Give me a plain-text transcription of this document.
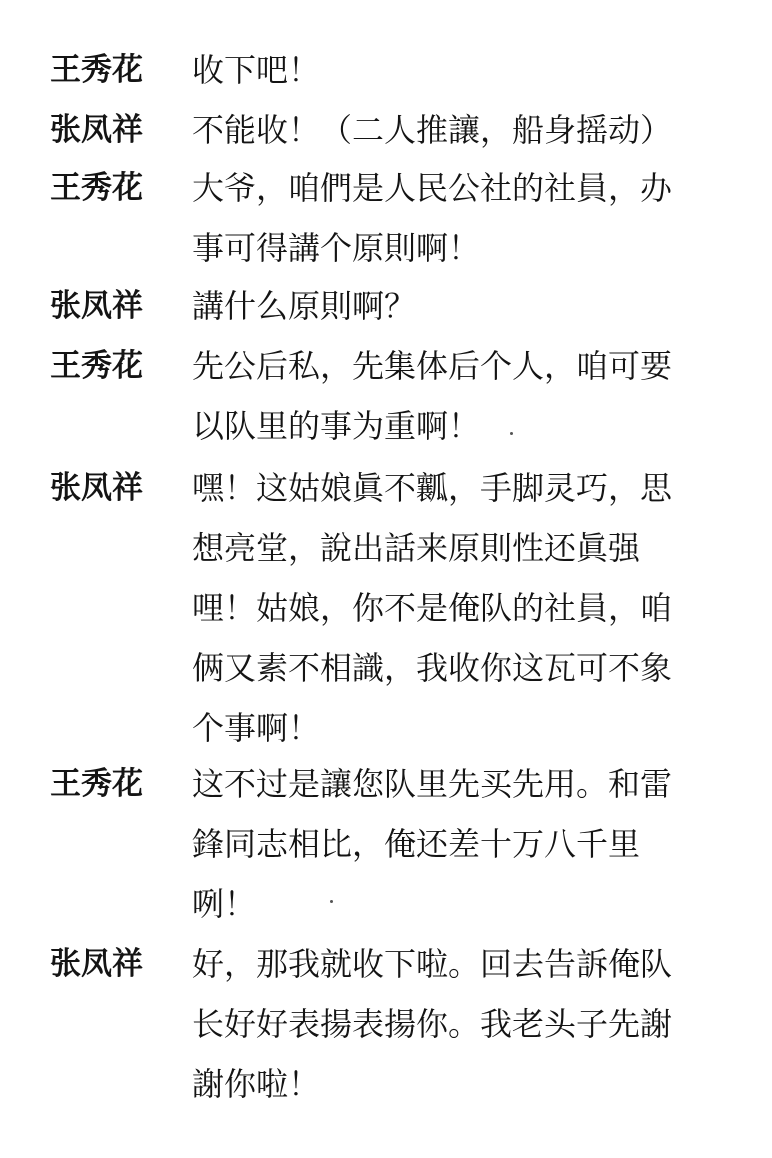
王秀花	收下吧！
张凤祥	不能收！（二人推讓，船身摇动）
王秀花	大爷，咱們是人民公社的社員，办
事可得講个原則啊！
张凤祥	講什么原則啊？
王秀花	先公后私，先集体后个人，咱可要
以队里的事为重啊！
张凤祥	嘿！这姑娘眞不瓤，手脚灵巧，思
想亮堂，說出話来原則性还眞强
哩！姑娘，你不是俺队的社員，咱
俩又素不相識，我收你这瓦可不象
个事啊！
王秀花	这不过是讓您队里先买先用。和雷
鋒同志相比，俺还差十万八千里
咧！
张凤祥	好，那我就收下啦。回去告訴俺队
长好好表揚表揚你。我老头子先謝
謝你啦！
